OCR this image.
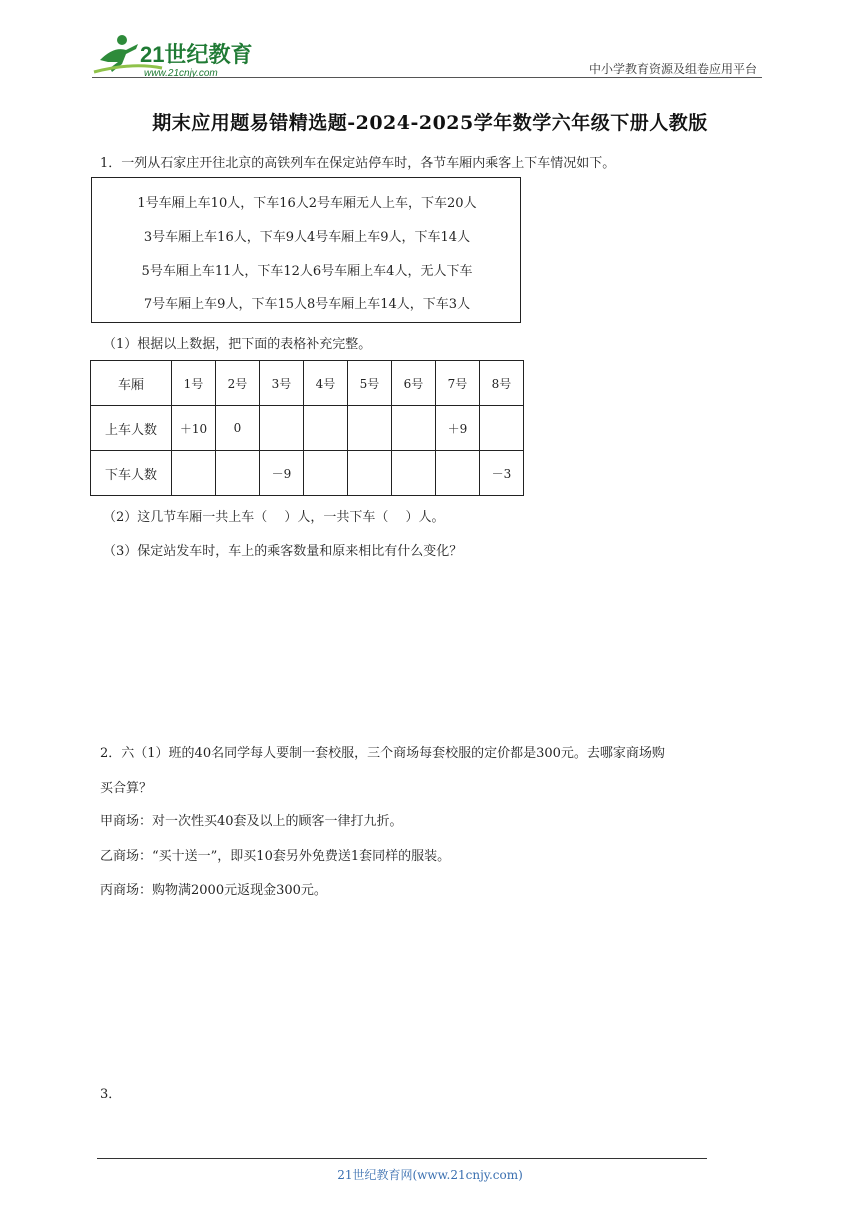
21世纪教育
www.21cnjy.com	中小学教育资源及组卷应用平台
期末应用题易错精选题-2024-2025学年数学六年级下册人教版
1．一列从石家庄开往北京的高铁列车在保定站停车时，各节车厢内乘客上下车情况如下。
1号车厢上车10人，下车16人2号车厢无人上车，下车20人
3号车厢上车16人，下车9人4号车厢上车9人，下车14人
5号车厢上车11人，下车12人6号车厢上车4人，无人下车
7号车厢上车9人，下车15人8号车厢上车14人，下车3人
（1）根据以上数据，把下面的表格补充完整。
车厢	1号	2号	3号	4号	5号	6号	7号	8号
上车人数	＋10	0					＋9	
下车人数			－9					－3
（2）这几节车厢一共上车（　 ）人，一共下车（　 ）人。
（3）保定站发车时，车上的乘客数量和原来相比有什么变化？
2．六（1）班的40名同学每人要制一套校服，三个商场每套校服的定价都是300元。去哪家商场购
买合算？
甲商场：对一次性买40套及以上的顾客一律打九折。
乙商场：“买十送一”，即买10套另外免费送1套同样的服装。
丙商场：购物满2000元返现金300元。
3．
21世纪教育网(www.21cnjy.com)
